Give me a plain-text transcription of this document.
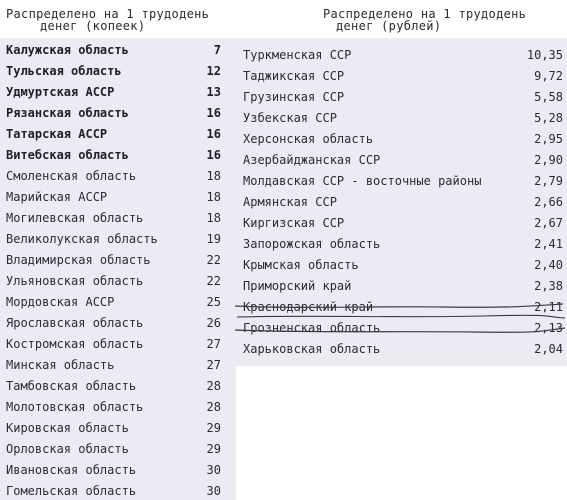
Распределено на 1 трудодень
денег (копеек)
Калужская область	7
Тульская область	12
Удмуртская АССР	13
Рязанская область	16
Татарская АССР	16
Витебская область	16
Смоленская область	18
Марийская АССР	18
Могилевская область	18
Великолукская область	19
Владимирская область	22
Ульяновская область	22
Мордовская АССР	25
Ярославская область	26
Костромская область	27
Минская область	27
Тамбовская область	28
Молотовская область	28
Кировская область	29
Орловская область	29
Ивановская область	30
Гомельская область	30
Распределено на 1 трудодень
денег (рублей)
Туркменская ССР	10,35
Таджикская ССР	9,72
Грузинская ССР	5,58
Узбекская ССР	5,28
Херсонская область	2,95
Азербайджанская ССР	2,90
Молдавская ССР - восточные районы	2,79
Армянская ССР	2,66
Киргизская ССР	2,67
Запорожская область	2,41
Крымская область	2,40
Приморский край	2,38
Краснодарский край	2,11
Грозненская область	2,13
Харьковская область	2,04
